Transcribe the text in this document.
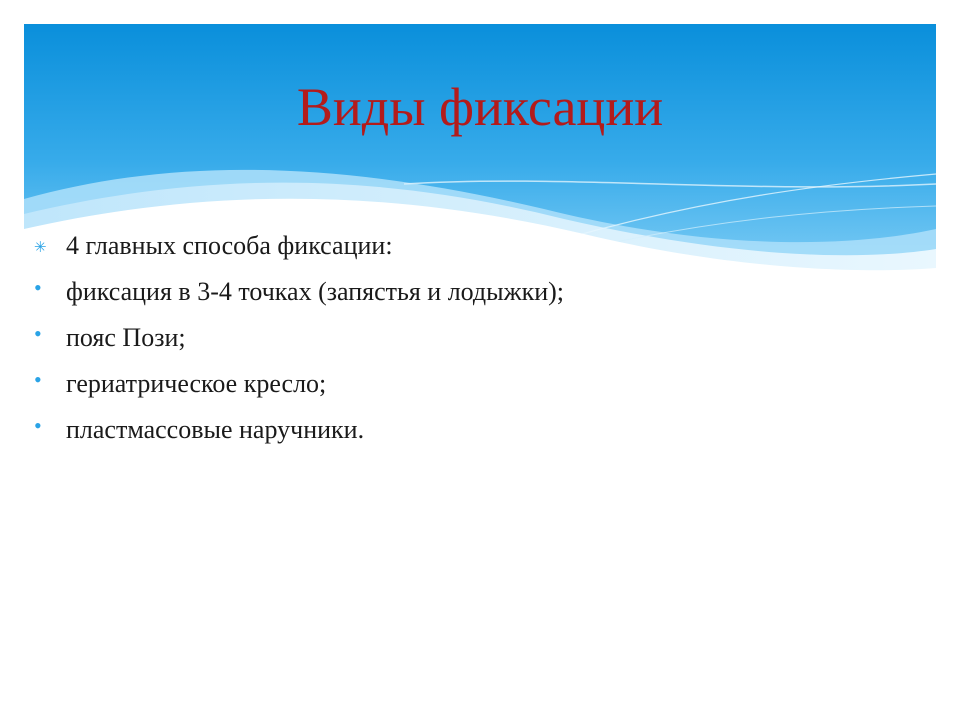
Виды фиксации
✳ 4 главных способа фиксации:
• фиксация в 3-4 точках (запястья и лодыжки);
• пояс Пози;
• гериатрическое кресло;
• пластмассовые наручники.
